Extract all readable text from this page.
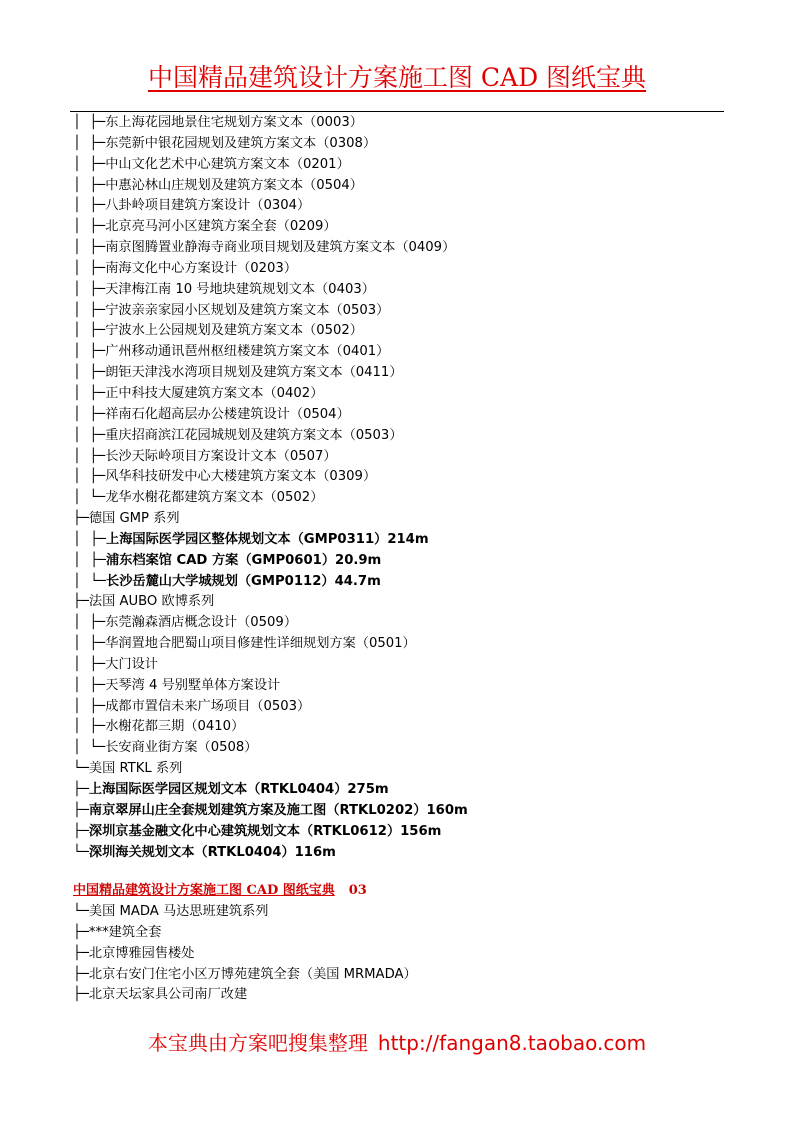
中国精品建筑设计方案施工图 CAD 图纸宝典
│  ├─东上海花园地景住宅规划方案文本（0003）
│  ├─东莞新中银花园规划及建筑方案文本（0308）
│  ├─中山文化艺术中心建筑方案文本（0201）
│  ├─中惠沁林山庄规划及建筑方案文本（0504）
│  ├─八卦岭项目建筑方案设计（0304）
│  ├─北京亮马河小区建筑方案全套（0209）
│  ├─南京图腾置业静海寺商业项目规划及建筑方案文本（0409）
│  ├─南海文化中心方案设计（0203）
│  ├─天津梅江南 10 号地块建筑规划文本（0403）
│  ├─宁波亲亲家园小区规划及建筑方案文本（0503）
│  ├─宁波水上公园规划及建筑方案文本（0502）
│  ├─广州移动通讯琶州枢纽楼建筑方案文本（0401）
│  ├─朗钜天津浅水湾项目规划及建筑方案文本（0411）
│  ├─正中科技大厦建筑方案文本（0402）
│  ├─祥南石化超高层办公楼建筑设计（0504）
│  ├─重庆招商滨江花园城规划及建筑方案文本（0503）
│  ├─长沙天际岭项目方案设计文本（0507）
│  ├─风华科技研发中心大楼建筑方案文本（0309）
│  └─龙华水榭花都建筑方案文本（0502）
├─德国 GMP 系列
│  ├─上海国际医学园区整体规划文本（GMP0311）214m
│  ├─浦东档案馆 CAD 方案（GMP0601）20.9m
│  └─长沙岳麓山大学城规划（GMP0112）44.7m
├─法国 AUBO 欧博系列
│  ├─东莞瀚森酒店概念设计（0509）
│  ├─华润置地合肥蜀山项目修建性详细规划方案（0501）
│  ├─大门设计
│  ├─天琴湾 4 号别墅单体方案设计
│  ├─成都市置信未来广场项目（0503）
│  ├─水榭花都三期（0410）
│  └─长安商业街方案（0508）
└─美国 RTKL 系列
├─上海国际医学园区规划文本（RTKL0404）275m
├─南京翠屏山庄全套规划建筑方案及施工图（RTKL0202）160m
├─深圳京基金融文化中心建筑规划文本（RTKL0612）156m
└─深圳海关规划文本（RTKL0404）116m
中国精品建筑设计方案施工图 CAD 图纸宝典 03
└─美国 MADA 马达思班建筑系列
├─***建筑全套
├─北京博雅园售楼处
├─北京右安门住宅小区万博苑建筑全套（美国 MRMADA）
├─北京天坛家具公司南厂改建
本宝典由方案吧搜集整理 http://fangan8.taobao.com
